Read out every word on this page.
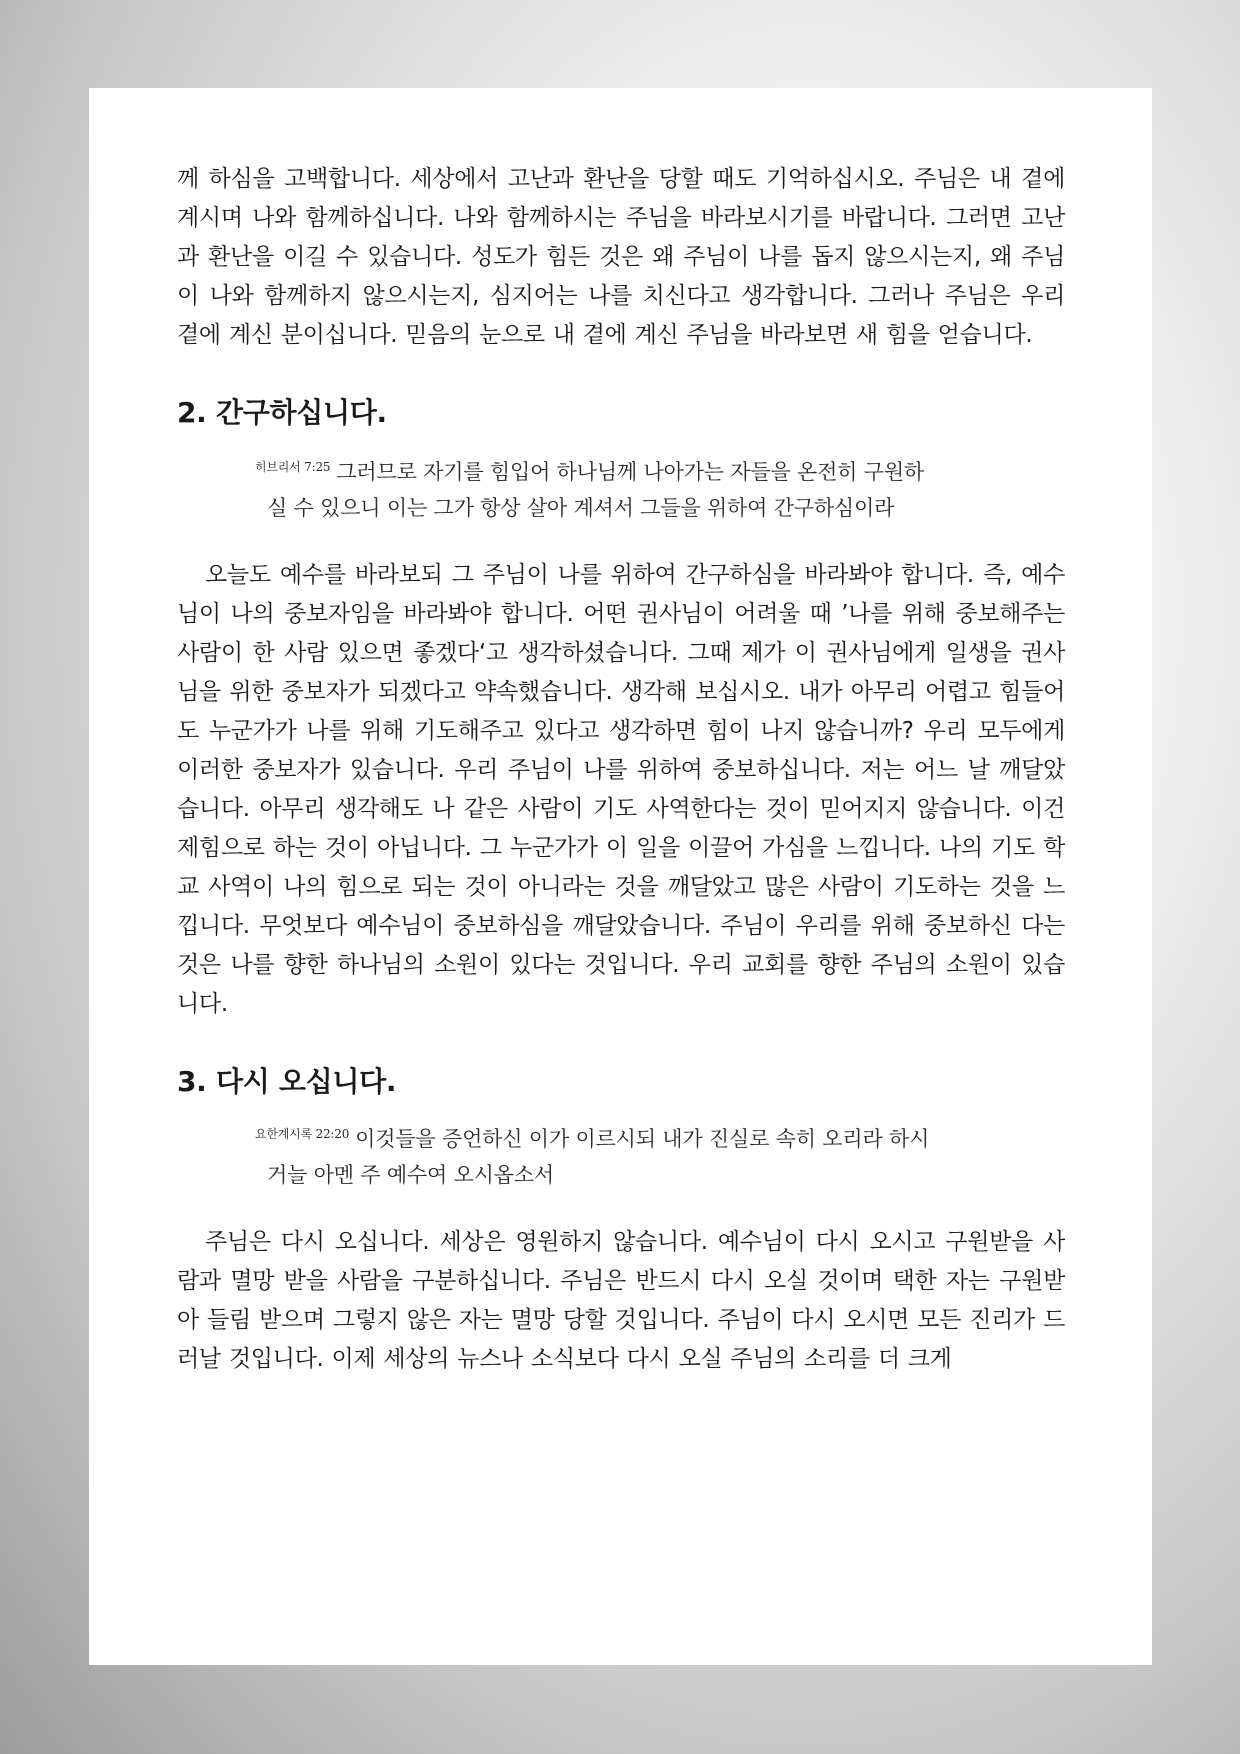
께 하심을 고백합니다. 세상에서 고난과 환난을 당할 때도 기억하십시오. 주님은 내 곁에 계시며 나와 함께하십니다. 나와 함께하시는 주님을 바라보시기를 바랍니다. 그러면 고난과 환난을 이길 수 있습니다. 성도가 힘든 것은 왜 주님이 나를 돕지 않으시는지, 왜 주님이 나와 함께하지 않으시는지, 심지어는 나를 치신다고 생각합니다. 그러나 주님은 우리 곁에 계신 분이십니다. 믿음의 눈으로 내 곁에 계신 주님을 바라보면 새 힘을 얻습니다.

2. 간구하십니다.

$^{히브리서 7:25}$ 그러므로 자기를 힘입어 하나님께 나아가는 자들을 온전히 구원하
실 수 있으니 이는 그가 항상 살아 계셔서 그들을 위하여 간구하심이라

오늘도 예수를 바라보되 그 주님이 나를 위하여 간구하심을 바라봐야 합니다. 즉, 예수님이 나의 중보자임을 바라봐야 합니다. 어떤 권사님이 어려울 때 ’나를 위해 중보해주는 사람이 한 사람 있으면 좋겠다‘고 생각하셨습니다. 그때 제가 이 권사님에게 일생을 권사님을 위한 중보자가 되겠다고 약속했습니다. 생각해 보십시오. 내가 아무리 어렵고 힘들어도 누군가가 나를 위해 기도해주고 있다고 생각하면 힘이 나지 않습니까? 우리 모두에게 이러한 중보자가 있습니다. 우리 주님이 나를 위하여 중보하십니다. 저는 어느 날 깨달았습니다. 아무리 생각해도 나 같은 사람이 기도 사역한다는 것이 믿어지지 않습니다. 이건 제힘으로 하는 것이 아닙니다. 그 누군가가 이 일을 이끌어 가심을 느낍니다. 나의 기도 학교 사역이 나의 힘으로 되는 것이 아니라는 것을 깨달았고 많은 사람이 기도하는 것을 느낍니다. 무엇보다 예수님이 중보하심을 깨달았습니다. 주님이 우리를 위해 중보하신 다는 것은 나를 향한 하나님의 소원이 있다는 것입니다. 우리 교회를 향한 주님의 소원이 있습니다.

3. 다시 오십니다.

$^{요한계시록 22:20}$ 이것들을 증언하신 이가 이르시되 내가 진실로 속히 오리라 하시
거늘 아멘 주 예수여 오시옵소서

주님은 다시 오십니다. 세상은 영원하지 않습니다. 예수님이 다시 오시고 구원받을 사람과 멸망 받을 사람을 구분하십니다. 주님은 반드시 다시 오실 것이며 택한 자는 구원받아 들림 받으며 그렇지 않은 자는 멸망 당할 것입니다. 주님이 다시 오시면 모든 진리가 드러날 것입니다. 이제 세상의 뉴스나 소식보다 다시 오실 주님의 소리를 더 크게
